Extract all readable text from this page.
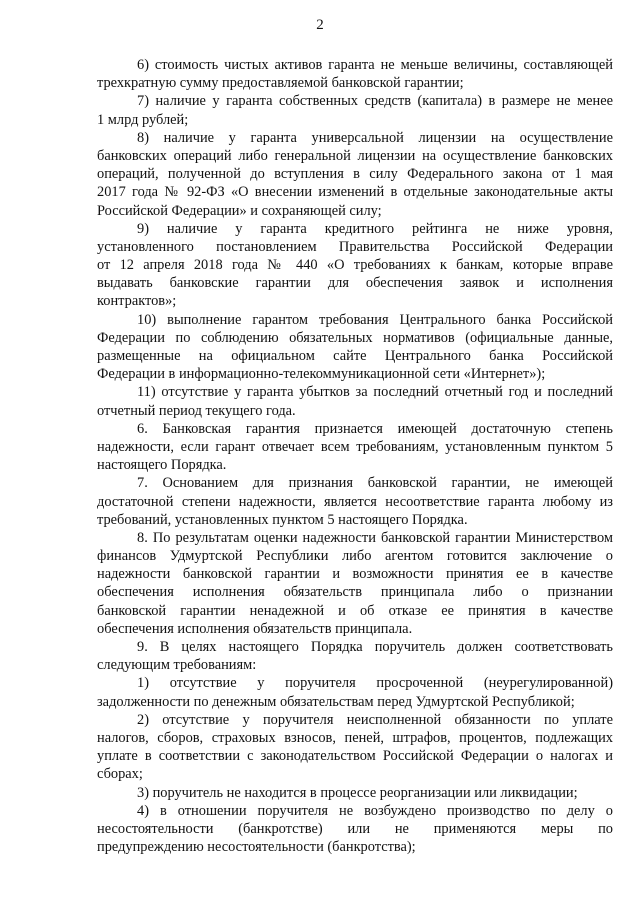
2
6) стоимость чистых активов гаранта не меньше величины, составляющей
трехкратную сумму предоставляемой банковской гарантии;
7) наличие у гаранта собственных средств (капитала) в размере не менее
1 млрд рублей;
8) наличие у гаранта универсальной лицензии на осуществление
банковских операций либо генеральной лицензии на осуществление банковских
операций, полученной до вступления в силу Федерального закона от 1 мая
2017 года № 92-ФЗ «О внесении изменений в отдельные законодательные акты
Российской Федерации» и сохраняющей силу;
9) наличие у гаранта кредитного рейтинга не ниже уровня,
установленного постановлением Правительства Российской Федерации
от 12 апреля 2018 года № 440 «О требованиях к банкам, которые вправе
выдавать банковские гарантии для обеспечения заявок и исполнения
контрактов»;
10) выполнение гарантом требования Центрального банка Российской
Федерации по соблюдению обязательных нормативов (официальные данные,
размещенные на официальном сайте Центрального банка Российской
Федерации в информационно-телекоммуникационной сети «Интернет»);
11) отсутствие у гаранта убытков за последний отчетный год и последний
отчетный период текущего года.
6. Банковская гарантия признается имеющей достаточную степень
надежности, если гарант отвечает всем требованиям, установленным пунктом 5
настоящего Порядка.
7. Основанием для признания банковской гарантии, не имеющей
достаточной степени надежности, является несоответствие гаранта любому из
требований, установленных пунктом 5 настоящего Порядка.
8. По результатам оценки надежности банковской гарантии Министерством
финансов Удмуртской Республики либо агентом готовится заключение о
надежности банковской гарантии и возможности принятия ее в качестве
обеспечения исполнения обязательств принципала либо о признании
банковской гарантии ненадежной и об отказе ее принятия в качестве
обеспечения исполнения обязательств принципала.
9. В целях настоящего Порядка поручитель должен соответствовать
следующим требованиям:
1) отсутствие у поручителя просроченной (неурегулированной)
задолженности по денежным обязательствам перед Удмуртской Республикой;
2) отсутствие у поручителя неисполненной обязанности по уплате
налогов, сборов, страховых взносов, пеней, штрафов, процентов, подлежащих
уплате в соответствии с законодательством Российской Федерации о налогах и
сборах;
3) поручитель не находится в процессе реорганизации или ликвидации;
4) в отношении поручителя не возбуждено производство по делу о
несостоятельности (банкротстве) или не применяются меры по
предупреждению несостоятельности (банкротства);
